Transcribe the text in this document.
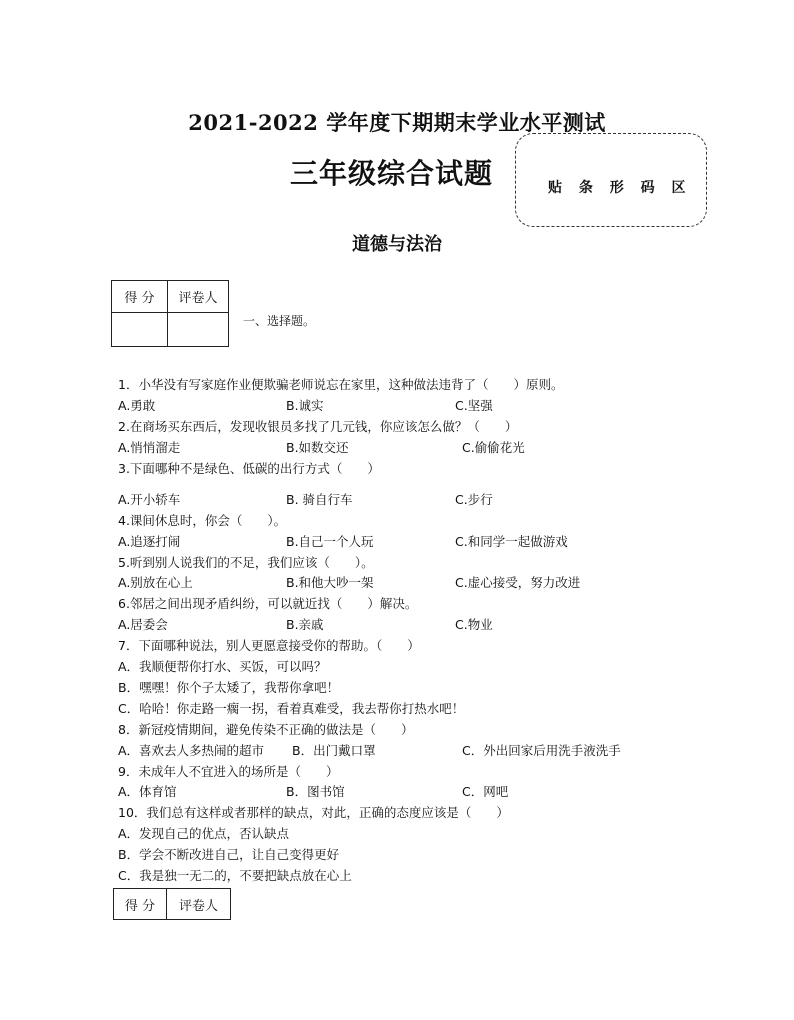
2021-2022 学年度下期期末学业水平测试
三年级综合试题	贴 条 形 码 区
道德与法治
得 分	评卷人

一、选择题。
1．小华没有写家庭作业便欺骗老师说忘在家里，这种做法违背了（　　）原则。
A.勇敢	B.诚实	C.坚强
2.在商场买东西后，发现收银员多找了几元钱，你应该怎么做？（　　）
A.悄悄溜走	B.如数交还	C.偷偷花光
3.下面哪种不是绿色、低碳的出行方式（　　）
A.开小轿车	B. 骑自行车	C.步行
4.课间休息时，你会（　　）。
A.追逐打闹	B.自己一个人玩	C.和同学一起做游戏
5.听到别人说我们的不足，我们应该（　　）。
A.别放在心上	B.和他大吵一架	C.虚心接受，努力改进
6.邻居之间出现矛盾纠纷，可以就近找（　　）解决。
A.居委会	B.亲戚	C.物业
7．下面哪种说法，别人更愿意接受你的帮助。（　　）
A．我顺便帮你打水、买饭，可以吗？
B．嘿嘿！你个子太矮了，我帮你拿吧！
C．哈哈！你走路一瘸一拐，看着真难受，我去帮你打热水吧！
8．新冠疫情期间，避免传染不正确的做法是（　　）
A．喜欢去人多热闹的超市 B．出门戴口罩	C．外出回家后用洗手液洗手
9．未成年人不宜进入的场所是（　　）
A．体育馆	B．图书馆	C．网吧
10．我们总有这样或者那样的缺点，对此，正确的态度应该是（　　）
A．发现自己的优点，否认缺点
B．学会不断改进自己，让自己变得更好
C．我是独一无二的，不要把缺点放在心上
得 分	评卷人
